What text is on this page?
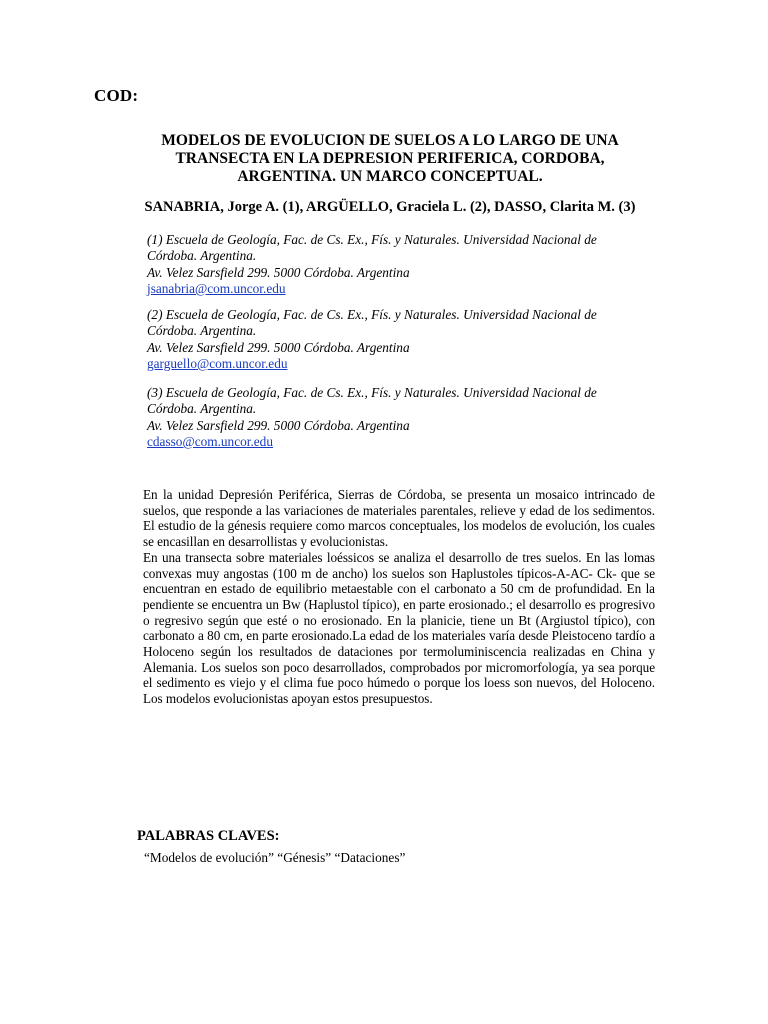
COD:
MODELOS DE EVOLUCION DE SUELOS A LO LARGO DE UNA
TRANSECTA EN LA DEPRESION PERIFERICA, CORDOBA,
ARGENTINA. UN MARCO CONCEPTUAL.
SANABRIA, Jorge A. (1), ARGÜELLO, Graciela L. (2), DASSO, Clarita M. (3)
(1) Escuela de Geología, Fac. de Cs. Ex., Fís. y Naturales. Universidad Nacional de
Córdoba. Argentina.
Av. Velez Sarsfield 299. 5000 Córdoba. Argentina
jsanabria@com.uncor.edu
(2) Escuela de Geología, Fac. de Cs. Ex., Fís. y Naturales. Universidad Nacional de
Córdoba. Argentina.
Av. Velez Sarsfield 299. 5000 Córdoba. Argentina
garguello@com.uncor.edu
(3) Escuela de Geología, Fac. de Cs. Ex., Fís. y Naturales. Universidad Nacional de
Córdoba. Argentina.
Av. Velez Sarsfield 299. 5000 Córdoba. Argentina
cdasso@com.uncor.edu

En la unidad Depresión Periférica, Sierras de Córdoba, se presenta un mosaico intrincado de suelos, que responde a las variaciones de materiales parentales, relieve y edad de los sedimentos. El estudio de la génesis requiere como marcos conceptuales, los modelos de evolución, los cuales se encasillan en desarrollistas y evolucionistas.

En una transecta sobre materiales loéssicos se analiza el desarrollo de tres suelos. En las lomas convexas muy angostas (100 m de ancho) los suelos son Haplustoles típicos-A-AC- Ck- que se encuentran en estado de equilibrio metaestable con el carbonato a 50 cm de profundidad. En la pendiente se encuentra un Bw (Haplustol típico), en parte erosionado.; el desarrollo es progresivo o regresivo según que esté o no erosionado. En la planicie, tiene un Bt (Argiustol típico), con carbonato a 80 cm, en parte erosionado.La edad de los materiales varía desde Pleistoceno tardío a Holoceno según los resultados de dataciones por termoluminiscencia realizadas en China y Alemania. Los suelos son poco desarrollados, comprobados por micromorfología, ya sea porque el sedimento es viejo y el clima fue poco húmedo o porque los loess son nuevos, del Holoceno. Los modelos evolucionistas apoyan estos presupuestos.

PALABRAS CLAVES:
“Modelos de evolución” “Génesis” “Dataciones”
